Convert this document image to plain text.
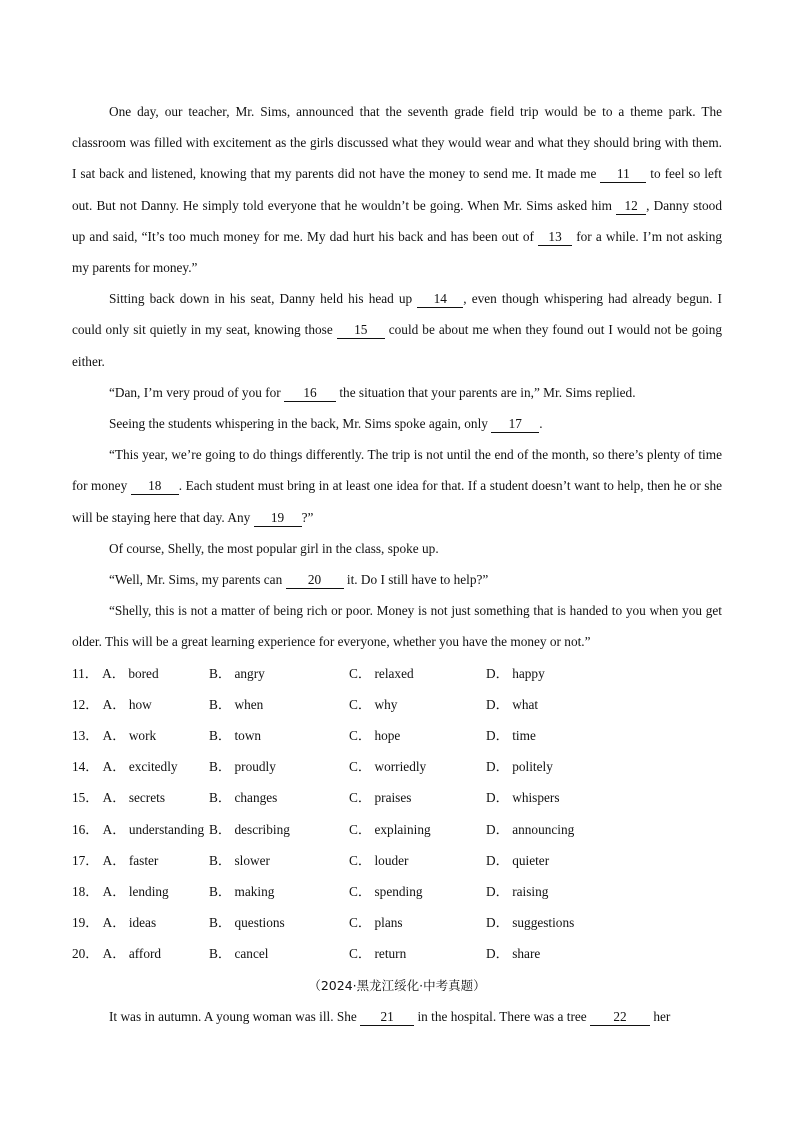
One day, our teacher, Mr. Sims, announced that the seventh grade field trip would be to a theme park. The classroom was filled with excitement as the girls discussed what they would wear and what they should bring with them. I sat back and listened, knowing that my parents did not have the money to send me. It made me 11 to feel so left out. But not Danny. He simply told everyone that he wouldn’t be going. When Mr. Sims asked him 12 , Danny stood up and said, “It’s too much money for me. My dad hurt his back and has been out of 13 for a while. I’m not asking my parents for money.”

Sitting back down in his seat, Danny held his head up 14 , even though whispering had already begun. I could only sit quietly in my seat, knowing those 15 could be about me when they found out I would not be going either.

“Dan, I’m very proud of you for 16 the situation that your parents are in,” Mr. Sims replied.

Seeing the students whispering in the back, Mr. Sims spoke again, only 17 .

“This year, we’re going to do things differently. The trip is not until the end of the month, so there’s plenty of time for money 18 . Each student must bring in at least one idea for that. If a student doesn’t want to help, then he or she will be staying here that day. Any 19 ?”

Of course, Shelly, the most popular girl in the class, spoke up.

“Well, Mr. Sims, my parents can 20 it. Do I still have to help?”

“Shelly, this is not a matter of being rich or poor. Money is not just something that is handed to you when you get older. This will be a great learning experience for everyone, whether you have the money or not.”

11． A． bored	B． angry	C． relaxed	D． happy
12． A． how	B． when	C． why	D． what
13． A． work	B． town	C． hope	D． time
14． A． excitedly B． proudly	C． worriedly	D． politely
15． A． secrets	B． changes	C． praises	D． whispers
16． A． understanding B． describing	C． explaining	D． announcing
17． A． faster	B． slower	C． louder	D． quieter
18． A． lending	B． making	C． spending	D． raising
19． A． ideas	B． questions	C． plans	D． suggestions
20． A． afford	B． cancel	C． return	D． share
（2024·黑龙江绥化·中考真题）

It was in autumn. A young woman was ill. She 21 in the hospital. There was a tree 22 her
